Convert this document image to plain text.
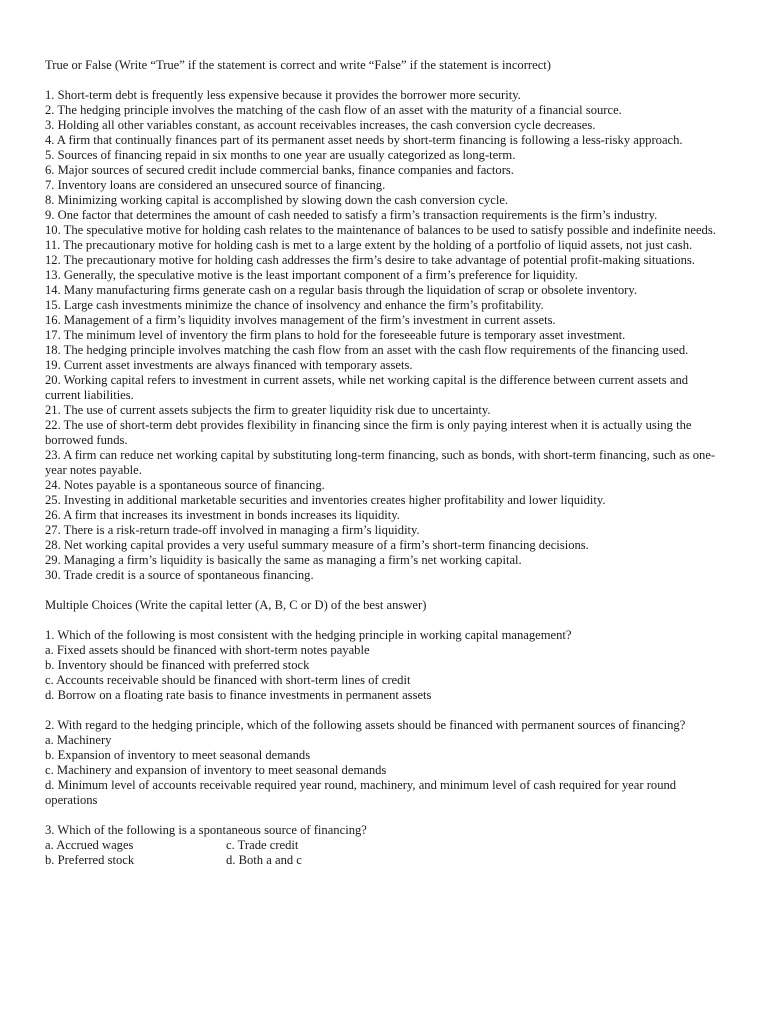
True or False (Write “True” if the statement is correct and write “False” if the statement is incorrect)

1. Short-term debt is frequently less expensive because it provides the borrower more security.

2. The hedging principle involves the matching of the cash flow of an asset with the maturity of a financial source.

3. Holding all other variables constant, as account receivables increases, the cash conversion cycle decreases.

4. A firm that continually finances part of its permanent asset needs by short-term financing is following a less-risky approach.

5. Sources of financing repaid in six months to one year are usually categorized as long-term.

6. Major sources of secured credit include commercial banks, finance companies and factors.

7. Inventory loans are considered an unsecured source of financing.

8. Minimizing working capital is accomplished by slowing down the cash conversion cycle.

9. One factor that determines the amount of cash needed to satisfy a firm’s transaction requirements is the firm’s industry.

10. The speculative motive for holding cash relates to the maintenance of balances to be used to satisfy possible and indefinite needs.

11. The precautionary motive for holding cash is met to a large extent by the holding of a portfolio of liquid assets, not just cash.

12. The precautionary motive for holding cash addresses the firm’s desire to take advantage of potential profit-making situations.

13. Generally, the speculative motive is the least important component of a firm’s preference for liquidity.

14. Many manufacturing firms generate cash on a regular basis through the liquidation of scrap or obsolete inventory.

15. Large cash investments minimize the chance of insolvency and enhance the firm’s profitability.

16. Management of a firm’s liquidity involves management of the firm’s investment in current assets.

17. The minimum level of inventory the firm plans to hold for the foreseeable future is temporary asset investment.

18. The hedging principle involves matching the cash flow from an asset with the cash flow requirements of the financing used.

19. Current asset investments are always financed with temporary assets.

20. Working capital refers to investment in current assets, while net working capital is the difference between current assets and current liabilities.

21. The use of current assets subjects the firm to greater liquidity risk due to uncertainty.

22. The use of short-term debt provides flexibility in financing since the firm is only paying interest when it is actually using the borrowed funds.

23. A firm can reduce net working capital by substituting long-term financing, such as bonds, with short-term financing, such as one-year notes payable.

24. Notes payable is a spontaneous source of financing.

25. Investing in additional marketable securities and inventories creates higher profitability and lower liquidity.

26. A firm that increases its investment in bonds increases its liquidity.

27. There is a risk-return trade-off involved in managing a firm’s liquidity.

28. Net working capital provides a very useful summary measure of a firm’s short-term financing decisions.

29. Managing a firm’s liquidity is basically the same as managing a firm’s net working capital.

30. Trade credit is a source of spontaneous financing.

Multiple Choices (Write the capital letter (A, B, C or D) of the best answer)

1. Which of the following is most consistent with the hedging principle in working capital management?

a. Fixed assets should be financed with short-term notes payable

b. Inventory should be financed with preferred stock

c. Accounts receivable should be financed with short-term lines of credit

d. Borrow on a floating rate basis to finance investments in permanent assets

2. With regard to the hedging principle, which of the following assets should be financed with permanent sources of financing?

a. Machinery

b. Expansion of inventory to meet seasonal demands

c. Machinery and expansion of inventory to meet seasonal demands

d. Minimum level of accounts receivable required year round, machinery, and minimum level of cash required for year round operations

3. Which of the following is a spontaneous source of financing?

a. Accrued wages	c. Trade credit
b. Preferred stock	d. Both a and c
